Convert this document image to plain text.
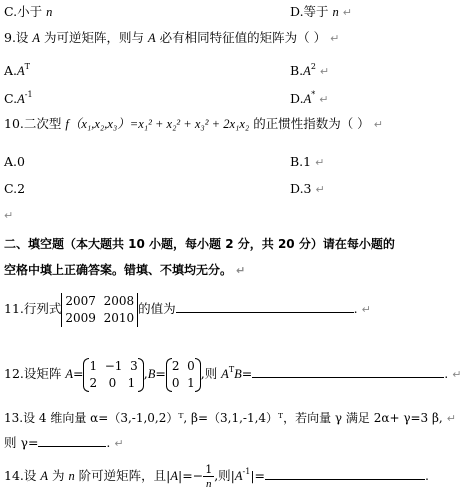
C.小于 n	D.等于 n ↵
9.设 A 为可逆矩阵，则与 A 必有相同特征值的矩阵为（ ） ↵
$A.A^T$	$B.A^2$ ↵
$C.A^{-1}$	D.A* ↵
10.二次型 f（x₁,x₂,x₃）=x₁² + x₂² + x₃² + 2x₁x₂ 的正惯性指数为（ ） ↵
A.0	B.1 ↵
C.2	D.3 ↵
↵
二、填空题（本大题共 10 小题，每小题 2 分，共 20 分）请在每小题的
空格中填上正确答案。错填、不填均无分。 ↵
11.行列式2007 2008
2009 2010的值为	. ↵
12.设矩阵 A=1  −1  3
2   0   1,B=2  0
0  1,则 $A^TB=$	. ↵
13.设 4 维向量 α=（3,-1,0,2）ᵀ, β=（3,1,-1,4）ᵀ，若向量 γ 满足 2α+ γ=3 β, ↵
则 γ=	. ↵
14.设 A 为 n 阶可逆矩阵，且$|A|=- \frac{1}{n}$,则$|A^{-1}|=$	.
